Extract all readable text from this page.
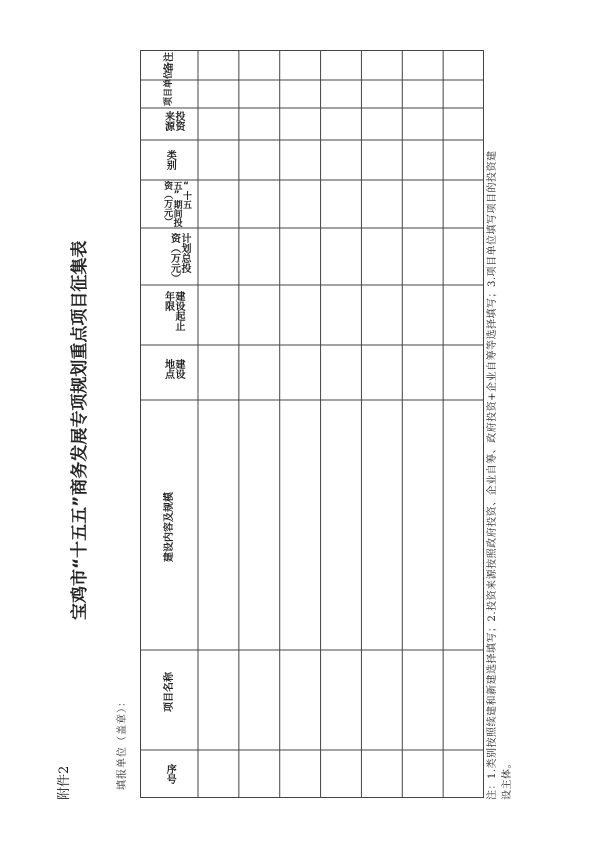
附件2
宝鸡市“十五五”商务发展专项规划重点项目征集表
填报单位（盖章）：	序号
项目名称
建设内容及规模
建设地点
建设起止年限
计划总投资（万元）
“十五五”期间投资（万元）
类别
投资来源
项目单位
备注
注：1.类别按照续建和新建选择填写；2.投资来源按照政府投资、企业自筹、政府投资+企业自筹等选择填写；3.项目单位填写项目的投资建 设主体。
